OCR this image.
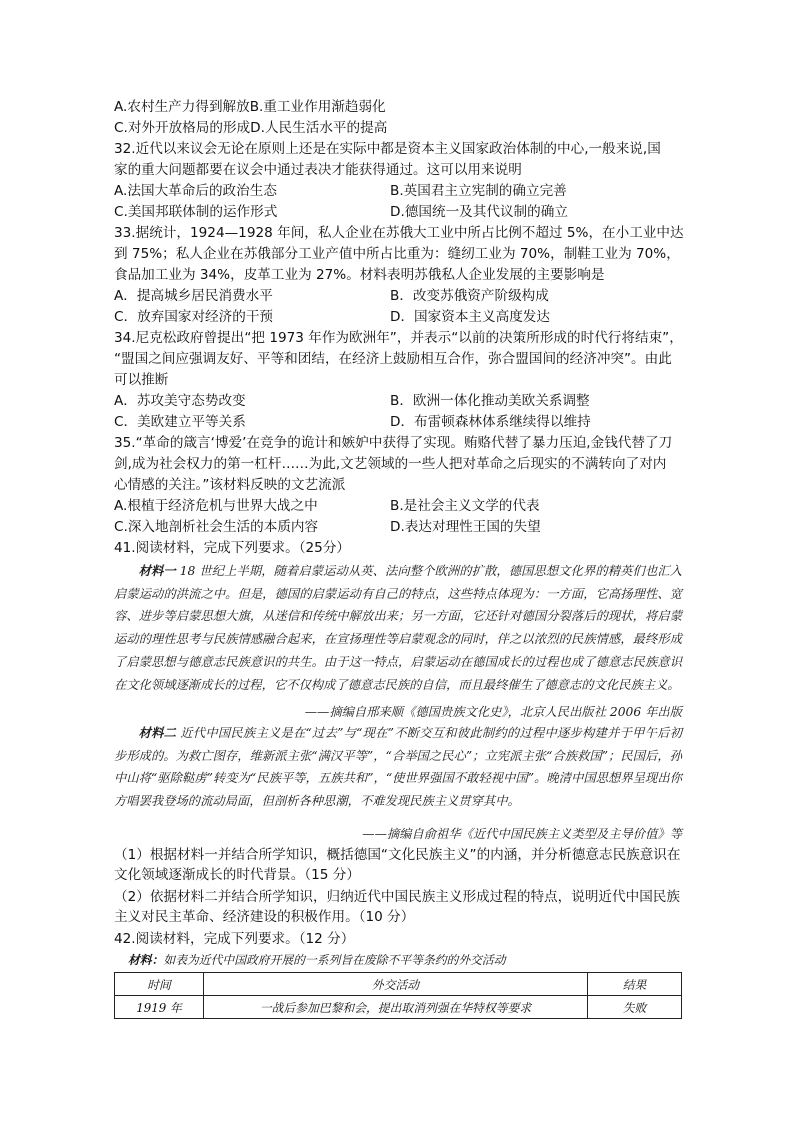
A.农村生产力得到解放B.重工业作用渐趋弱化
C.对外开放格局的形成D.人民生活水平的提高
32.近代以来议会无论在原则上还是在实际中都是资本主义国家政治体制的中心,一般来说,国
家的重大问题都要在议会中通过表决才能获得通过。这可以用来说明
A.法国大革命后的政治生态	B.英国君主立宪制的确立完善
C.美国邦联体制的运作形式	D.德国统一及其代议制的确立
33.据统计，1924—1928 年间，私人企业在苏俄大工业中所占比例不超过 5%，在小工业中达
到 75%；私人企业在苏俄部分工业产值中所占比重为：缝纫工业为 70%，制鞋工业为 70%，
食品加工业为 34%，皮革工业为 27%。材料表明苏俄私人企业发展的主要影响是
A．提高城乡居民消费水平	B．改变苏俄资产阶级构成
C．放弃国家对经济的干预	D．国家资本主义高度发达
34.尼克松政府曾提出“把 1973 年作为欧洲年”，并表示“以前的决策所形成的时代行将结束”，
“盟国之间应强调友好、平等和团结，在经济上鼓励相互合作，弥合盟国间的经济冲突”。由此
可以推断
A．苏攻美守态势改变	B．欧洲一体化推动美欧关系调整
C．美欧建立平等关系	D．布雷顿森林体系继续得以维持
35.“革命的箴言‘博爱’在竞争的诡计和嫉妒中获得了实现。贿赂代替了暴力压迫,金钱代替了刀
剑,成为社会权力的第一杠杆……为此,文艺领域的一些人把对革命之后现实的不满转向了对内
心情感的关注。”该材料反映的文艺流派
A.根植于经济危机与世界大战之中	B.是社会主义文学的代表
C.深入地剖析社会生活的本质内容	D.表达对理性王国的失望
41.阅读材料，完成下列要求。（25分）

材料一 18 世纪上半期，随着启蒙运动从英、法向整个欧洲的扩散，德国思想文化界的精英们也汇入启蒙运动的洪流之中。但是，德国的启蒙运动有自己的特点，这些特点体现为：一方面，它高扬理性、宽容、进步等启蒙思想大旗，从迷信和传统中解放出来；另一方面，它还针对德国分裂落后的现状，将启蒙运动的理性思考与民族情感融合起来，在宣扬理性等启蒙观念的同时，伴之以浓烈的民族情感，最终形成了启蒙思想与德意志民族意识的共生。由于这一特点，启蒙运动在德国成长的过程也成了德意志民族意识在文化领域逐渐成长的过程，它不仅构成了德意志民族的自信，而且最终催生了德意志的文化民族主义。

——摘编自邢来顺《德国贵族文化史》，北京人民出版社 2006 年出版

材料二 近代中国民族主义是在“过去”与“现在”不断交互和彼此制约的过程中逐步构建并于甲午后初步形成的。为救亡图存，维新派主张“满汉平等”，“合举国之民心”；立宪派主张“合族救国”；民国后，孙中山将“驱除鞑虏”转变为“民族平等，五族共和”，“使世界强国不敢轻视中国”。晚清中国思想界呈现出你方唱罢我登场的流动局面，但剖析各种思潮，不难发现民族主义贯穿其中。

——摘编自俞祖华《近代中国民族主义类型及主导价值》等

（1）根据材料一并结合所学知识，概括德国“文化民族主义”的内涵，并分析德意志民族意识在文化领域逐渐成长的时代背景。（15 分）

（2）依据材料二并结合所学知识，归纳近代中国民族主义形成过程的特点，说明近代中国民族主义对民主革命、经济建设的积极作用。（10 分）

42.阅读材料，完成下列要求。（12 分）
材料：如表为近代中国政府开展的一系列旨在废除不平等条约的外交活动
时间	外交活动	结果
1919 年	一战后参加巴黎和会，提出取消列强在华特权等要求	失败
